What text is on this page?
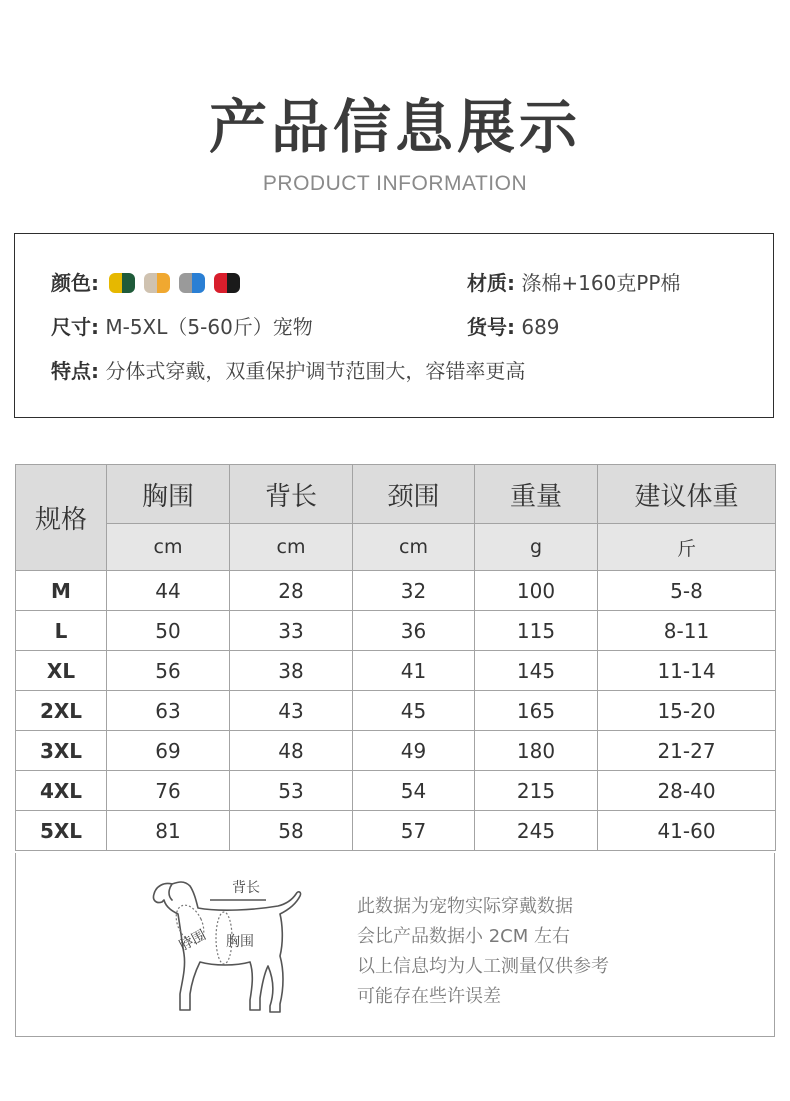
产品信息展示
PRODUCT INFORMATION
颜色:	材质: 涤棉+160克PP棉
尺寸: M-5XL（5-60斤）宠物	货号: 689
特点: 分体式穿戴，双重保护调节范围大，容错率更高
规格	胸围	背长	颈围	重量	建议体重
	cm	cm	cm	g	斤
M	44	28	32	100	5-8
L	50	33	36	115	8-11
XL	56	38	41	145	11-14
2XL	63	43	45	165	15-20
3XL	69	48	49	180	21-27
4XL	76	53	54	215	28-40
5XL	81	58	57	245	41-60
背长
脖围 胸围
此数据为宠物实际穿戴数据
会比产品数据小 2CM 左右
以上信息均为人工测量仅供参考
可能存在些许误差
